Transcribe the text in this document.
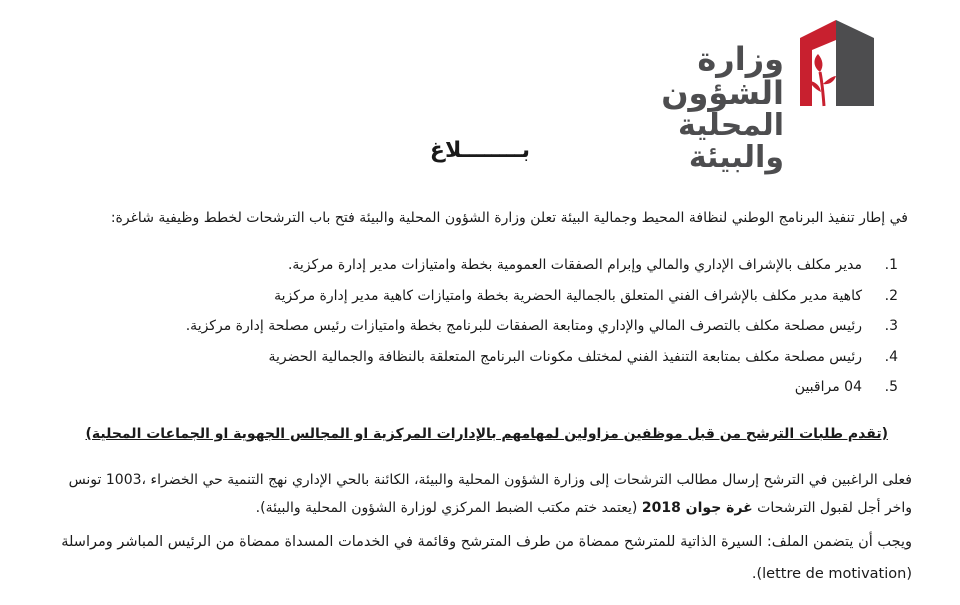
وزارة الشؤون
المحلية والبيئة
بــــــــلاغ
في إطار تنفيذ البرنامج الوطني لنظافة المحيط وجمالية البيئة تعلن وزارة الشؤون المحلية والبيئة فتح باب الترشحات لخطط وظيفية شاغرة:
1.
مدير مكلف بالإشراف الإداري والمالي وإبرام الصفقات العمومية بخطة وامتيازات مدير إدارة مركزية.
2.
كاهية مدير مكلف بالإشراف الفني المتعلق بالجمالية الحضرية بخطة وامتيازات كاهية مدير إدارة مركزية
3.
رئيس مصلحة مكلف بالتصرف المالي والإداري ومتابعة الصفقات للبرنامج بخطة وامتيازات رئيس مصلحة إدارة مركزية.
4.
رئيس مصلحة مكلف بمتابعة التنفيذ الفني لمختلف مكونات البرنامج المتعلقة بالنظافة والجمالية الحضرية
5.
04 مراقبين
(تقدم طلبات الترشح من قبل موظفين مزاولين لمهامهم بالإدارات المركزية او المجالس الجهوية او الجماعات المحلية)
فعلى الراغبين في الترشح إرسال مطالب الترشحات إلى وزارة الشؤون المحلية والبيئة، الكائنة بالحي الإداري نهج التنمية حي الخضراء ،1003 تونس واخر أجل لقبول الترشحات غرة جوان 2018 (يعتمد ختم مكتب الضبط المركزي لوزارة الشؤون المحلية والبيئة).
ويجب أن يتضمن الملف: السيرة الذاتية للمترشح ممضاة من طرف المترشح وقائمة في الخدمات المسداة ممضاة من الرئيس المباشر ومراسلة
(lettre de motivation).
